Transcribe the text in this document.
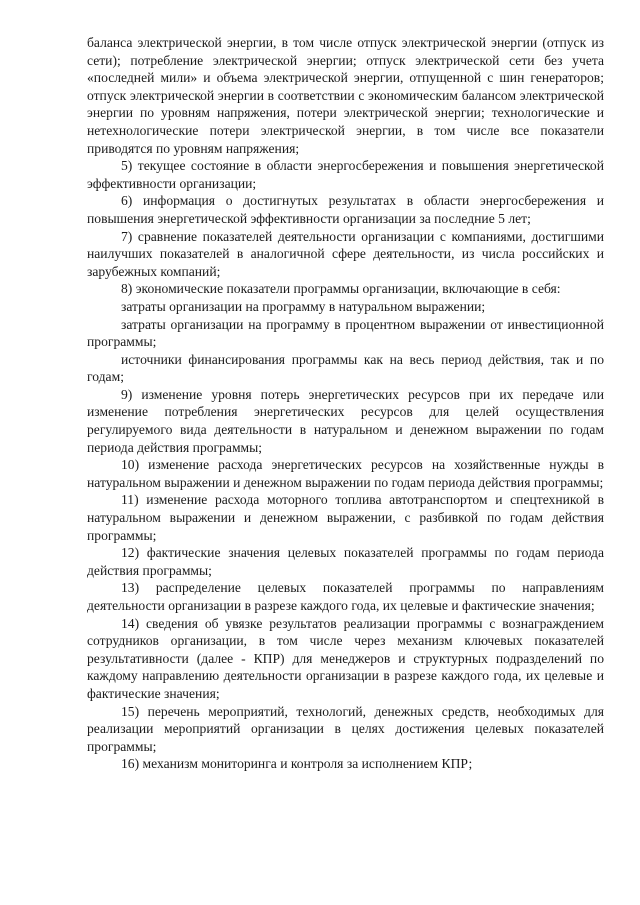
баланса электрической энергии, в том числе отпуск электрической энергии (отпуск из сети); потребление электрической энергии; отпуск электрической сети без учета «последней мили» и объема электрической энергии, отпущенной с шин генераторов; отпуск электрической энергии в соответствии с экономическим балансом электрической энергии по уровням напряжения, потери электрической энергии; технологические и нетехнологические потери электрической энергии, в том числе все показатели приводятся по уровням напряжения;

5) текущее состояние в области энергосбережения и повышения энергетической эффективности организации;

6) информация о достигнутых результатах в области энергосбережения и повышения энергетической эффективности организации за последние 5 лет;

7) сравнение показателей деятельности организации с компаниями, достигшими наилучших показателей в аналогичной сфере деятельности, из числа российских и зарубежных компаний;

8) экономические показатели программы организации, включающие в себя:

затраты организации на программу в натуральном выражении;

затраты организации на программу в процентном выражении от инвестиционной программы;

источники финансирования программы как на весь период действия, так и по годам;

9) изменение уровня потерь энергетических ресурсов при их передаче или изменение потребления энергетических ресурсов для целей осуществления регулируемого вида деятельности в натуральном и денежном выражении по годам периода действия программы;

10) изменение расхода энергетических ресурсов на хозяйственные нужды в натуральном выражении и денежном выражении по годам периода действия программы;

11) изменение расхода моторного топлива автотранспортом и спецтехникой в натуральном выражении и денежном выражении, с разбивкой по годам действия программы;

12) фактические значения целевых показателей программы по годам периода действия программы;

13) распределение целевых показателей программы по направлениям деятельности организации в разрезе каждого года, их целевые и фактические значения;

14) сведения об увязке результатов реализации программы с вознаграждением сотрудников организации, в том числе через механизм ключевых показателей результативности (далее - КПР) для менеджеров и структурных подразделений по каждому направлению деятельности организации в разрезе каждого года, их целевые и фактические значения;

15) перечень мероприятий, технологий, денежных средств, необходимых для реализации мероприятий организации в целях достижения целевых показателей программы;

16) механизм мониторинга и контроля за исполнением КПР;
